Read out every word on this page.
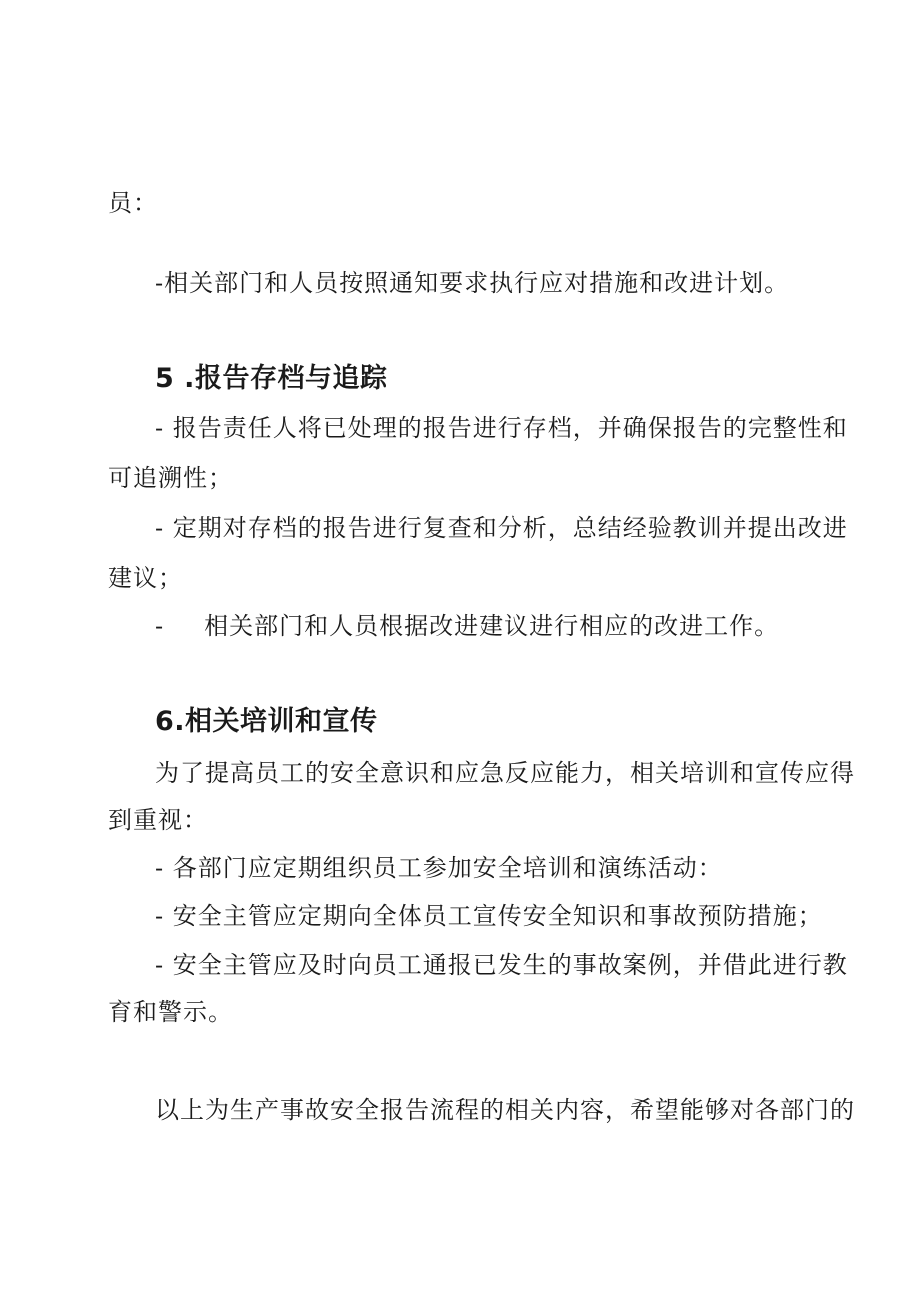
员：
-相关部门和人员按照通知要求执行应对措施和改进计划。
5 .报告存档与追踪
- 报告责任人将已处理的报告进行存档，并确保报告的完整性和
可追溯性；
- 定期对存档的报告进行复查和分析，总结经验教训并提出改进
建议；
- 相关部门和人员根据改进建议进行相应的改进工作。
6.相关培训和宣传
为了提高员工的安全意识和应急反应能力，相关培训和宣传应得
到重视：
- 各部门应定期组织员工参加安全培训和演练活动：
- 安全主管应定期向全体员工宣传安全知识和事故预防措施；
- 安全主管应及时向员工通报已发生的事故案例，并借此进行教
育和警示。
以上为生产事故安全报告流程的相关内容，希望能够对各部门的
